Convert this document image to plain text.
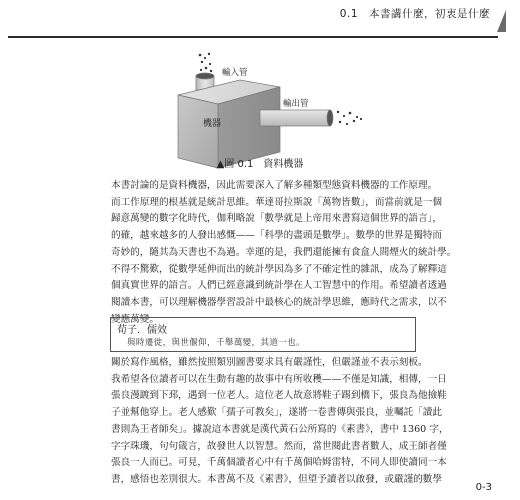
0.1　本書講什麼，初衷是什麼
輸入管
機器
輸出管
▲圖 0.1　資料機器
本書討論的是資料機器，因此需要深入了解多種類型態資料機器的工作原理。
而工作原理的根基就是統計思維。華達哥拉斯說「萬物皆數」，而當前就是一個
歸意萬變的數字化時代，伽利略說「數學就是上帝用來書寫這個世界的語言」，
的確，越來越多的人發出感慨——「科學的盡頭是數學」。數學的世界是獨特而
奇妙的，隨其為天書也不為過。幸運的是，我們還能擁有食盒人間煙火的統計學。
不得不驚歎，從數學延伸而出的統計學因為多了不確定性的雜訊，成為了解釋這
個真實世界的語言。人們已經意識到統計學在人工智慧中的作用。希望讀者透過
閱讀本書，可以理解機器學習設計中最核心的統計學思維，應時代之需求，以不
變應萬變。
荀子．儒效
與時遷徙，與世偃仰，千舉萬變，其道一也。
關於寫作風格，雖然按照類別圖書要求具有嚴謹性，但嚴謹並不表示刻板。
我希望各位讀者可以在生動有趣的故事中有所收穫——不僅是知識，相傳，一日
張良漫踱到下邳，遇到一位老人。這位老人故意將鞋子踢到橋下，張良為他撿鞋
子並幫他穿上。老人感歎「孺子可教矣」，遂將一卷書傳與張良，並囑託「讀此
書則為王者師矣」。據說這本書就是漢代黃石公所寫的《素書》，書中 1360 字，
字字珠璣，句句箴言，故發世人以智慧。然而，當世閱此書者數人，成王師者僅
張良一人而已。可見，千萬個讀者心中有千萬個哈姆雷特，不同人即使讀同一本
書，感悟也差別很大。本書萬不及《素書》，但望予讀者以啟發，或嚴謹的數學
0-3
